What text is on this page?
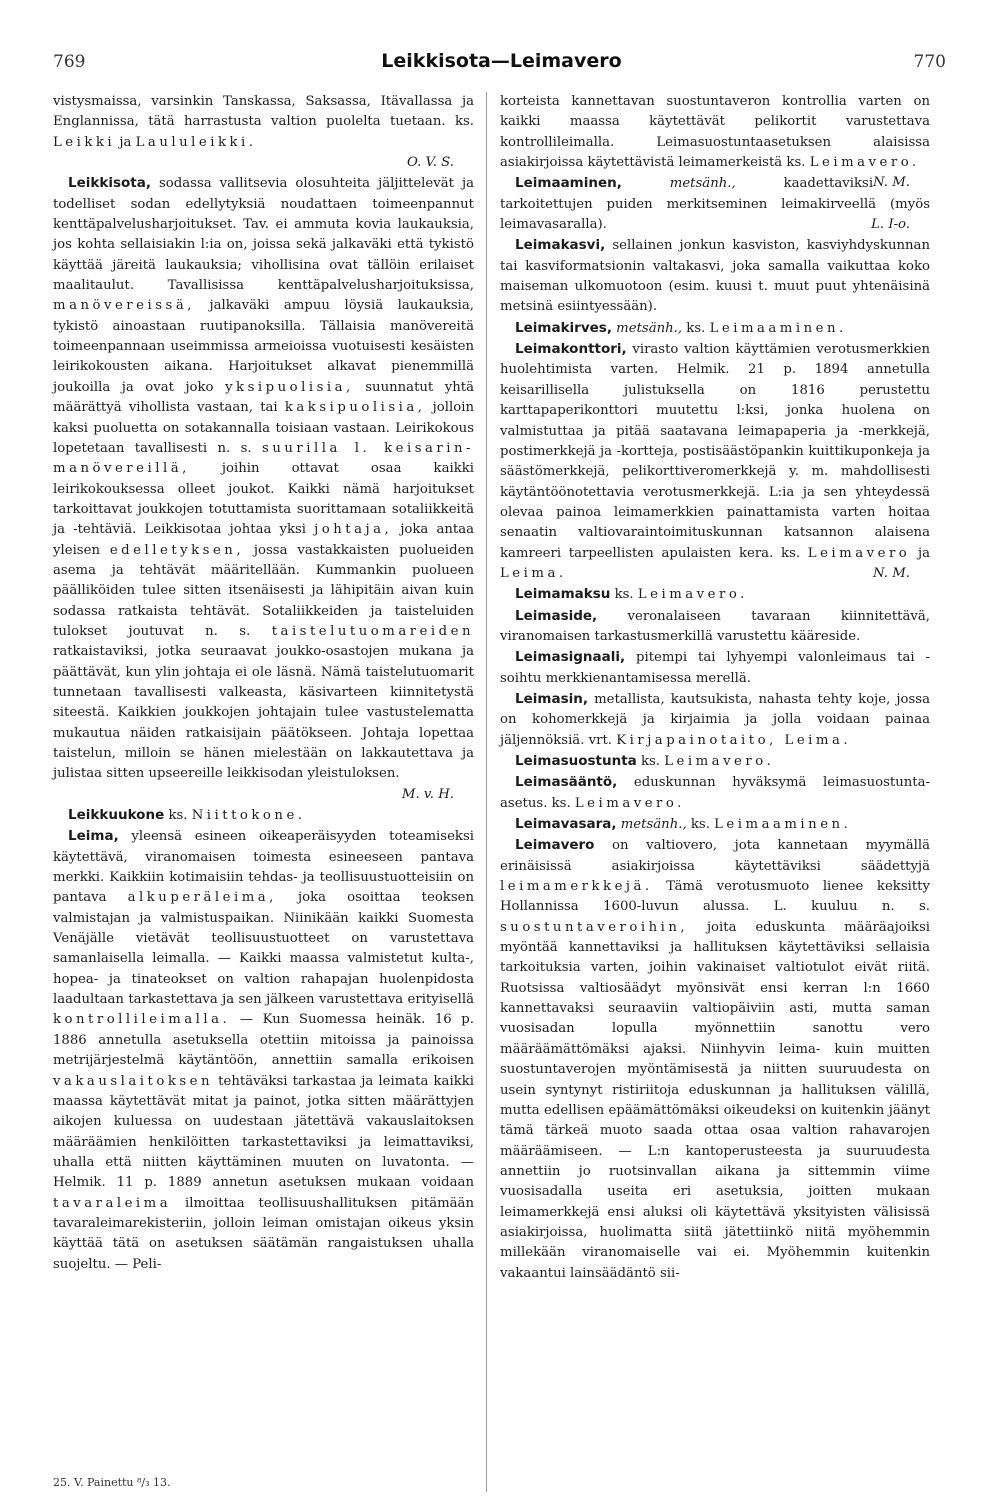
769	Leikkisota—Leimavero	770

vistysmaissa, varsinkin Tanskassa, Saksassa, Itävallassa ja Englannissa, tätä harrastusta valtion puolelta tuetaan. ks. Leikki ja Laululeikki.

O. V. S.

Leikkisota, sodassa vallitsevia olosuhteita jäljittelevät ja todelliset sodan edellytyksiä noudattaen toimeenpannut kenttäpalvelusharjoitukset. Tav. ei ammuta kovia laukauksia, jos kohta sellaisiakin l:ia on, joissa sekä jalkaväki että tykistö käyttää järeitä laukauksia; vihollisina ovat tällöin erilaiset maalitaulut. Tavallisissa kenttäpalvelusharjoituksissa, manövereissä, jalkaväki ampuu löysiä laukauksia, tykistö ainoastaan ruutipanoksilla. Tällaisia manövereitä toimeenpannaan useimmissa armeioissa vuotuisesti kesäisten leirikokousten aikana. Harjoitukset alkavat pienemmillä joukoilla ja ovat joko yksipuolisia, suunnatut yhtä määrättyä vihollista vastaan, tai kaksipuolisia, jolloin kaksi puoluetta on sotakannalla toisiaan vastaan. Leirikokous lopetetaan tavallisesti n. s. suurilla l. keisarin-manövereillä, joihin ottavat osaa kaikki leirikokouksessa olleet joukot. Kaikki nämä harjoitukset tarkoittavat joukkojen totuttamista suorittamaan sotaliikkeitä ja -tehtäviä. Leikkisotaa johtaa yksi johtaja, joka antaa yleisen edelletyksen, jossa vastakkaisten puolueiden asema ja tehtävät määritellään. Kummankin puolueen päälliköiden tulee sitten itsenäisesti ja lähipitäin aivan kuin sodassa ratkaista tehtävät. Sotaliikkeiden ja taisteluiden tulokset joutuvat n. s. taistelutuomareiden ratkaistaviksi, jotka seuraavat joukko-osastojen mukana ja päättävät, kun ylin johtaja ei ole läsnä. Nämä taistelutuomarit tunnetaan tavallisesti valkeasta, käsivarteen kiinnitetystä siteestä. Kaikkien joukkojen johtajain tulee vastustelematta mukautua näiden ratkaisijain päätökseen. Johtaja lopettaa taistelun, milloin se hänen mielestään on lakkautettava ja julistaa sitten upseereille leikkisodan yleistuloksen.

M. v. H.

Leikkuukone ks. Niittokone.

Leima, yleensä esineen oikeaperäisyyden toteamiseksi käytettävä, viranomaisen toimesta esineeseen pantava merkki. Kaikkiin kotimaisiin tehdas- ja teollisuustuotteisiin on pantava alkuperäleima, joka osoittaa teoksen valmistajan ja valmistuspaikan. Niinikään kaikki Suomesta Venäjälle vietävät teollisuustuotteet on varustettava samanlaisella leimalla. — Kaikki maassa valmistetut kulta-, hopea- ja tinateokset on valtion rahapajan huolenpidosta laadultaan tarkastettava ja sen jälkeen varustettava erityisellä kontrollileimalla. — Kun Suomessa heinäk. 16 p. 1886 annetulla asetuksella otettiin mitoissa ja painoissa metrijärjestelmä käytäntöön, annettiin samalla erikoisen vakauslaitoksen tehtäväksi tarkastaa ja leimata kaikki maassa käytettävät mitat ja painot, jotka sitten määrättyjen aikojen kuluessa on uudestaan jätettävä vakauslaitoksen määräämien henkilöitten tarkastettaviksi ja leimattaviksi, uhalla että niitten käyttäminen muuten on luvatonta. — Helmik. 11 p. 1889 annetun asetuksen mukaan voidaan tavaraleima ilmoittaa teollisuushallituksen pitämään tavaraleimarekisteriin, jolloin leiman omistajan oikeus yksin käyttää tätä on asetuksen säätämän rangaistuksen uhalla suojeltu. — Peli-

korteista kannettavan suostuntaveron kontrollia varten on kaikki maassa käytettävät pelikortit varustettava kontrollileimalla. Leimasuostuntaasetuksen alaisissa asiakirjoissa käytettävistä leimamerkeistä ks. Leimavero.
N. M.

Leimaaminen,	metsänh., kaadettaviksi tarkoitettujen puiden merkitseminen leimakirveellä (myös leimavasaralla).	L. I-o.

Leimakasvi, sellainen jonkun kasviston, kasviyhdyskunnan tai kasviformatsionin valtakasvi, joka samalla vaikuttaa koko maiseman ulkomuotoon (esim. kuusi t. muut puut yhtenäisinä metsinä esiintyessään).

Leimakirves, metsänh., ks. Leimaaminen.

Leimakonttori, virasto valtion käyttämien verotusmerkkien huolehtimista varten. Helmik. 21 p. 1894 annetulla keisarillisella julistuksella on 1816 perustettu karttapaperikonttori muutettu l:ksi, jonka huolena on valmistuttaa ja pitää saatavana leimapaperia ja -merkkejä, postimerkkejä ja -kortteja, postisäästöpankin kuittikuponkeja ja säästömerkkejä, pelikorttiveromerkkejä y. m. mahdollisesti käytäntöönotettavia verotusmerkkejä. L:ia ja sen yhteydessä olevaa painoa leimamerkkien painattamista varten hoitaa senaatin valtiovaraintoimituskunnan katsannon alaisena kamreeri tarpeellisten apulaisten kera. ks. Leimavero ja Leima.	N. M.

Leimamaksu ks. Leimavero.

Leimaside, veronalaiseen tavaraan kiinnitettävä, viranomaisen tarkastusmerkillä varustettu kääreside.

Leimasignaali, pitempi tai lyhyempi valonleimaus tai -soihtu merkkienantamisessa merellä.

Leimasin, metallista, kautsukista, nahasta tehty koje, jossa on kohomerkkejä ja kirjaimia ja jolla voidaan painaa jäljennöksiä. vrt. Kirjapainotaito, Leima.

Leimasuostunta ks. Leimavero.

Leimasääntö, eduskunnan hyväksymä leimasuostunta-asetus. ks. Leimavero.

Leimavasara, metsänh., ks. Leimaaminen.

Leimavero on valtiovero, jota kannetaan myymällä erinäisissä asiakirjoissa käytettäviksi säädettyjä leimamerkkejä. Tämä verotusmuoto lienee keksitty Hollannissa 1600-luvun alussa. L. kuuluu n. s. suostuntaveroihin, joita eduskunta määräajoiksi myöntää kannettaviksi ja hallituksen käytettäviksi sellaisia tarkoituksia varten, joihin vakinaiset valtiotulot eivät riitä. Ruotsissa valtiosäädyt myönsivät ensi kerran l:n 1660 kannettavaksi seuraaviin valtiopäiviin asti, mutta saman vuosisadan lopulla myönnettiin sanottu vero määräämättömäksi ajaksi. Niinhyvin leima- kuin muitten suostuntaverojen myöntämisestä ja niitten suuruudesta on usein syntynyt ristiriitoja eduskunnan ja hallituksen välillä, mutta edellisen epäämättömäksi oikeudeksi on kuitenkin jäänyt tämä tärkeä muoto saada ottaa osaa valtion rahavarojen määräämiseen. — L:n kantoperusteesta ja suuruudesta annettiin jo ruotsinvallan aikana ja sittemmin viime vuosisadalla useita eri asetuksia, joitten mukaan leimamerkkejä ensi aluksi oli käytettävä yksityisten välisissä asiakirjoissa, huolimatta siitä jätettiinkö niitä myöhemmin millekään viranomaiselle vai ei. Myöhemmin kuitenkin vakaantui lainsäädäntö sii-

25. V. Painettu ⁸/₃ 13.
